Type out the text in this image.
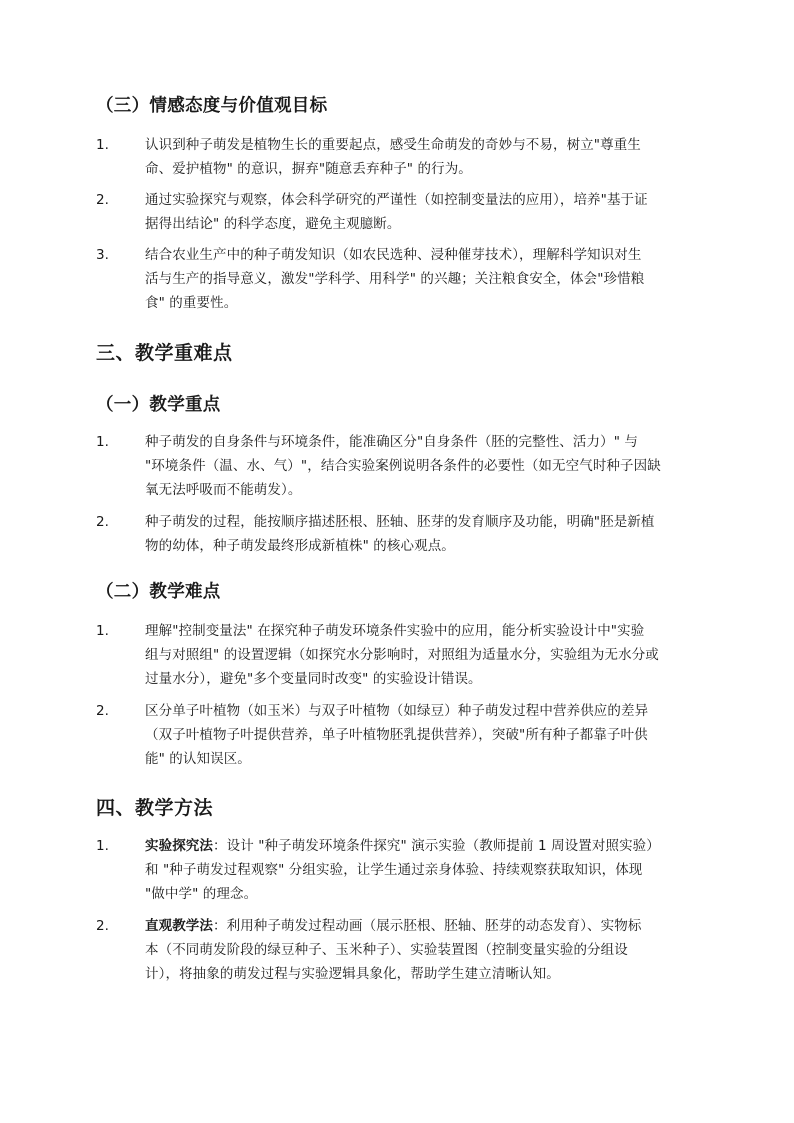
（三）情感态度与价值观目标
1.	认识到种子萌发是植物生长的重要起点，感受生命萌发的奇妙与不易，树立"尊重生
命、爱护植物" 的意识，摒弃"随意丢弃种子" 的行为。
2.	通过实验探究与观察，体会科学研究的严谨性（如控制变量法的应用），培养"基于证
据得出结论" 的科学态度，避免主观臆断。
3.	结合农业生产中的种子萌发知识（如农民选种、浸种催芽技术），理解科学知识对生
活与生产的指导意义，激发"学科学、用科学" 的兴趣；关注粮食安全，体会"珍惜粮
食" 的重要性。
三、教学重难点
（一）教学重点
1.	种子萌发的自身条件与环境条件，能准确区分"自身条件（胚的完整性、活力）" 与
"环境条件（温、水、气）"，结合实验案例说明各条件的必要性（如无空气时种子因缺
氧无法呼吸而不能萌发）。
2.	种子萌发的过程，能按顺序描述胚根、胚轴、胚芽的发育顺序及功能，明确"胚是新植
物的幼体，种子萌发最终形成新植株" 的核心观点。
（二）教学难点
1.	理解"控制变量法" 在探究种子萌发环境条件实验中的应用，能分析实验设计中"实验
组与对照组" 的设置逻辑（如探究水分影响时，对照组为适量水分，实验组为无水分或
过量水分），避免"多个变量同时改变" 的实验设计错误。
2.	区分单子叶植物（如玉米）与双子叶植物（如绿豆）种子萌发过程中营养供应的差异
（双子叶植物子叶提供营养，单子叶植物胚乳提供营养），突破"所有种子都靠子叶供
能" 的认知误区。
四、教学方法
1.	实验探究法：设计 "种子萌发环境条件探究" 演示实验（教师提前 1 周设置对照实验）
和 "种子萌发过程观察" 分组实验，让学生通过亲身体验、持续观察获取知识，体现
"做中学" 的理念。
2.	直观教学法：利用种子萌发过程动画（展示胚根、胚轴、胚芽的动态发育）、实物标
本（不同萌发阶段的绿豆种子、玉米种子）、实验装置图（控制变量实验的分组设
计），将抽象的萌发过程与实验逻辑具象化，帮助学生建立清晰认知。
